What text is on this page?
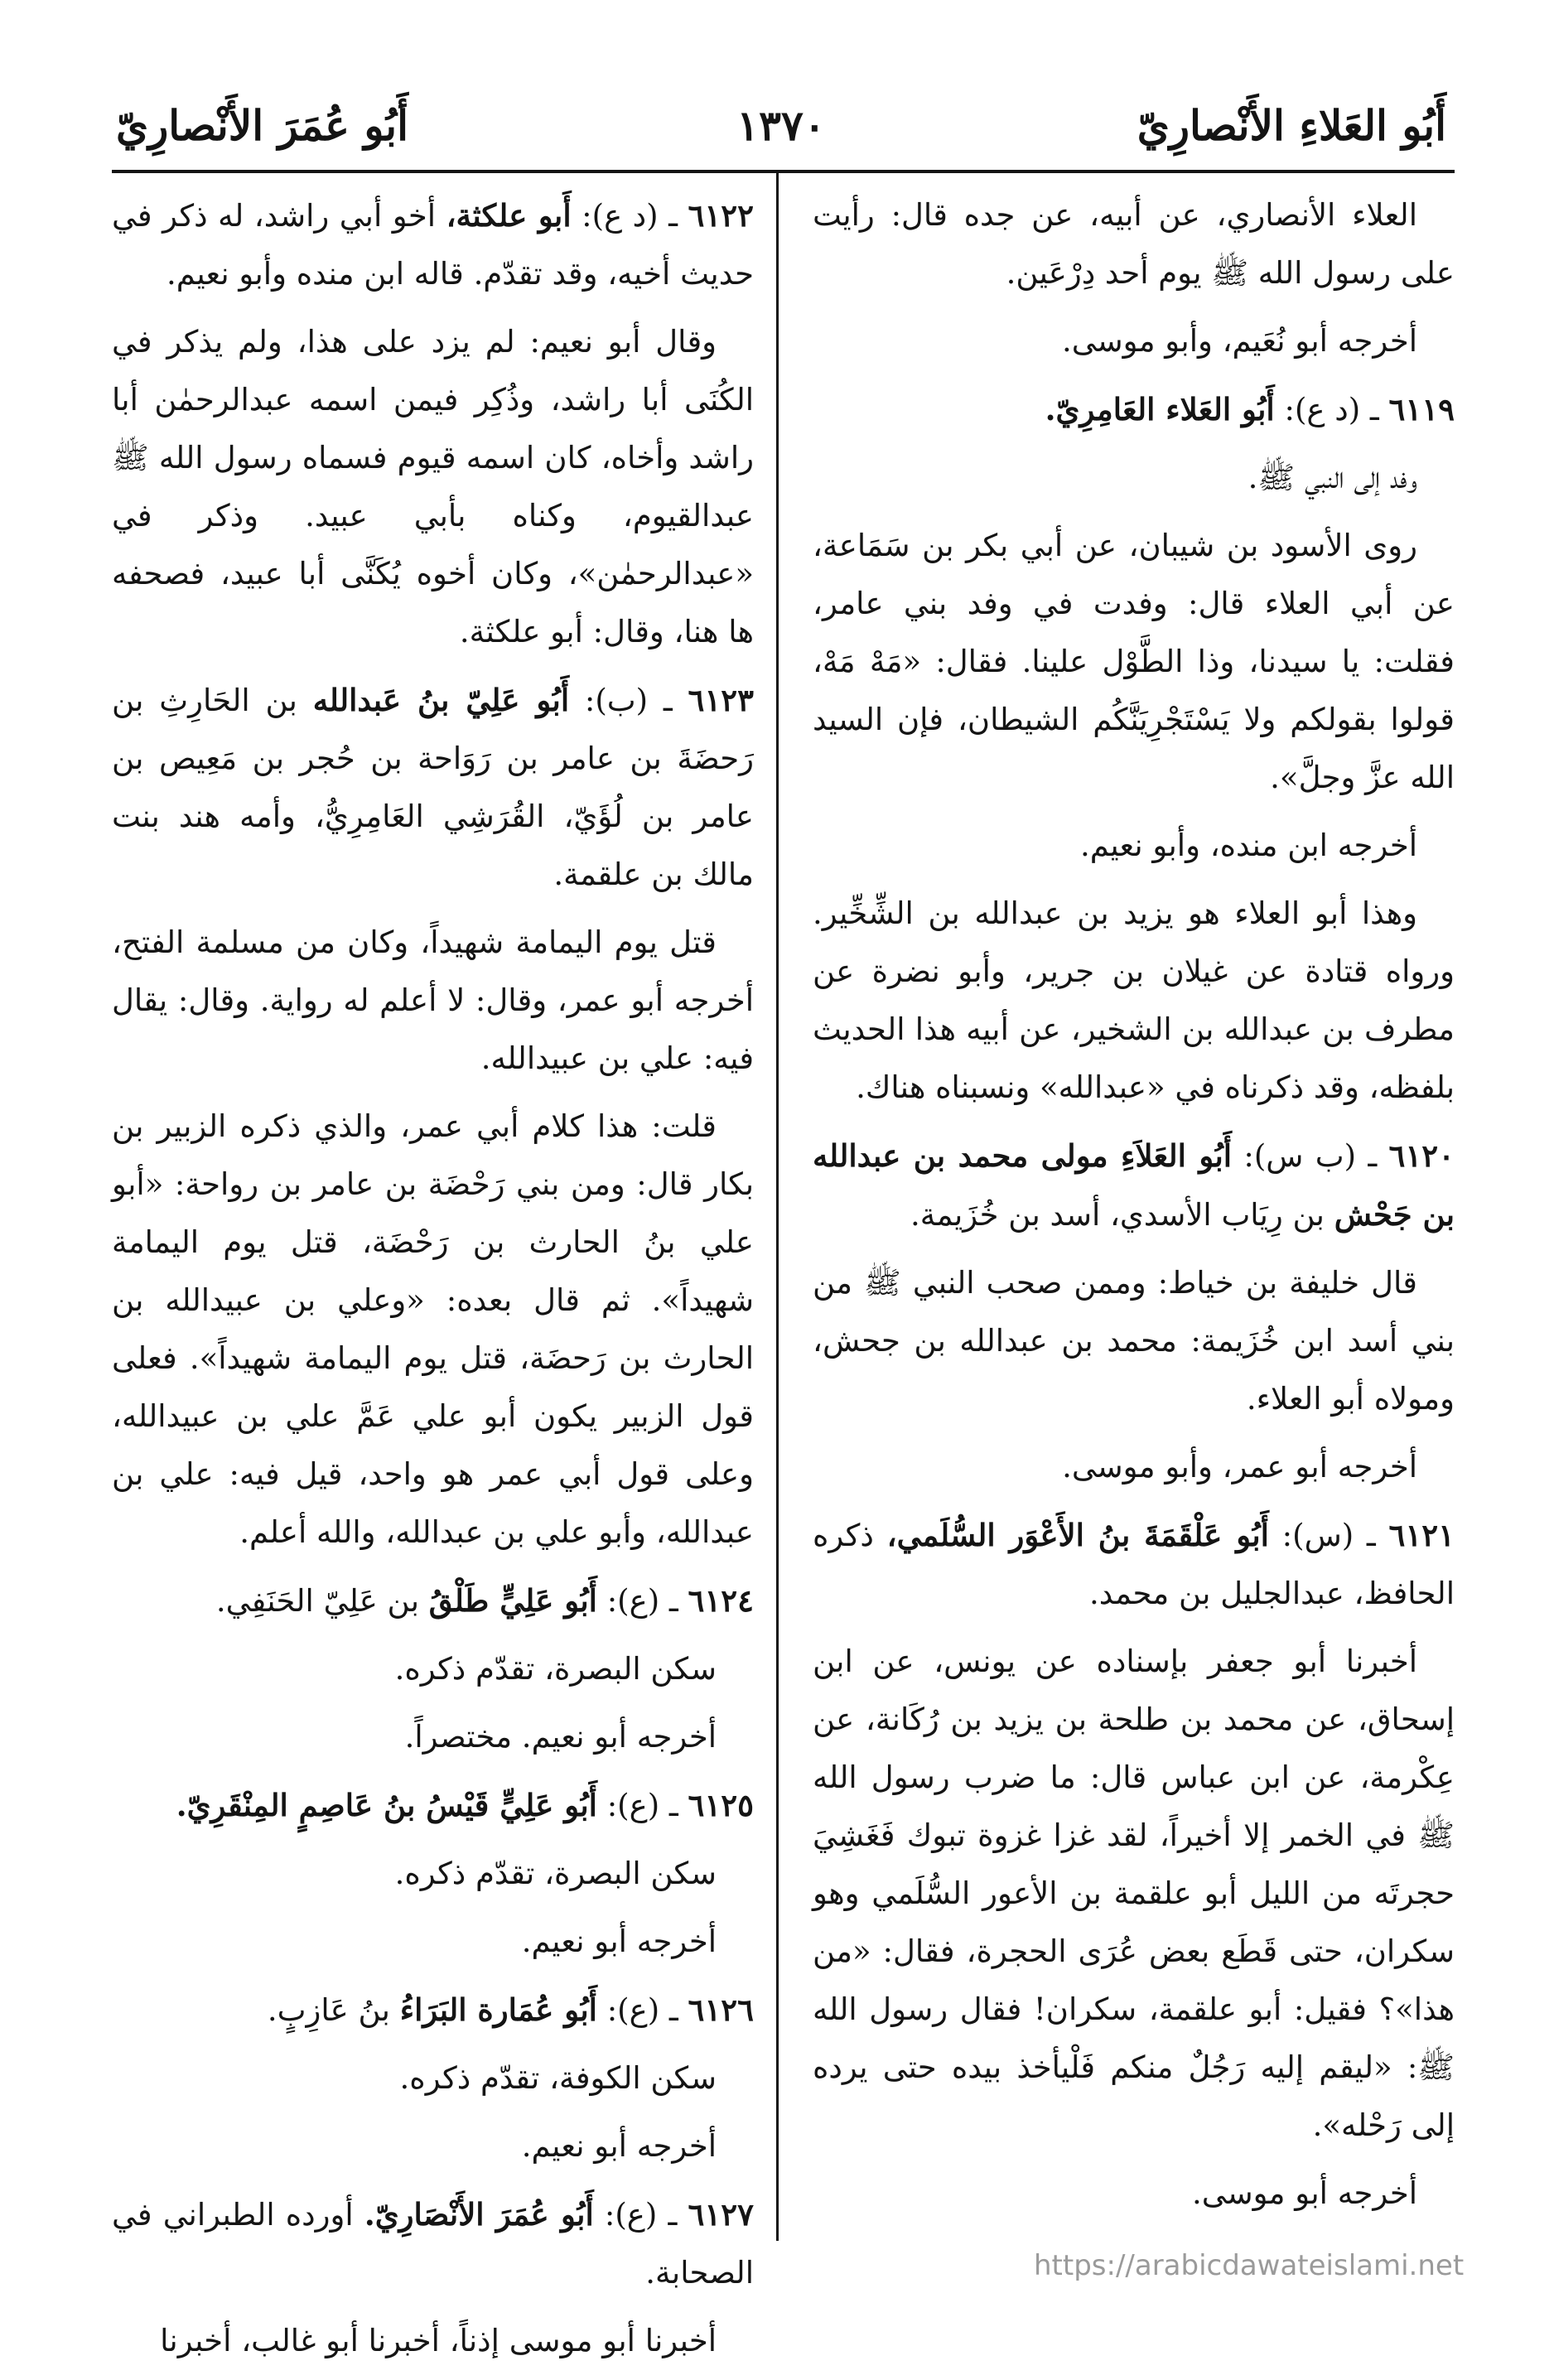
أَبُو العَلاءِ الأَنْصارِيّ
١٣٧٠
أَبُو عُمَرَ الأَنْصارِيّ

العلاء الأنصاري، عن أبيه، عن جده قال: رأيت على رسول الله ﷺ يوم أحد دِرْعَين.

أخرجه أبو نُعَيم، وأبو موسى.

٦١١٩ ـ (د ع): أَبُو العَلاء العَامِرِيّ.

وفد إلى النبي ﷺ.

روى الأسود بن شيبان، عن أبي بكر بن سَمَاعة، عن أبي العلاء قال: وفدت في وفد بني عامر، فقلت: يا سيدنا، وذا الطَّوْل علينا. فقال: «مَهْ مَهْ، قولوا بقولكم ولا يَسْتَجْرِيَنَّكُم الشيطان، فإن السيد الله عزَّ وجلَّ».

أخرجه ابن منده، وأبو نعيم.

وهذا أبو العلاء هو يزيد بن عبدالله بن الشِّخِّير. ورواه قتادة عن غيلان بن جرير، وأبو نضرة عن مطرف بن عبدالله بن الشخير، عن أبيه هذا الحديث بلفظه، وقد ذكرناه في «عبدالله» ونسبناه هناك.

٦١٢٠ ـ (ب س): أَبُو العَلاَءِ مولى محمد بن عبدالله بن جَحْش بن رِيَاب الأسدي، أسد بن خُزَيمة.

قال خليفة بن خياط: وممن صحب النبي ﷺ من بني أسد ابن خُزَيمة: محمد بن عبدالله بن جحش، ومولاه أبو العلاء.

أخرجه أبو عمر، وأبو موسى.

٦١٢١ ـ (س): أَبُو عَلْقَمَةَ بنُ الأَعْوَر السُّلَمي، ذكره الحافظ، عبدالجليل بن محمد.

أخبرنا أبو جعفر بإسناده عن يونس، عن ابن إسحاق، عن محمد بن طلحة بن يزيد بن رُكَانة، عن عِكْرمة، عن ابن عباس قال: ما ضرب رسول الله ﷺ في الخمر إلا أخيراً، لقد غزا غزوة تبوك فَغَشِيَ حجرتَه من الليل أبو علقمة بن الأعور السُّلَمي وهو سكران، حتى قَطَع بعض عُرَى الحجرة، فقال: «من هذا»؟ فقيل: أبو علقمة، سكران! فقال رسول الله ﷺ: «ليقم إليه رَجُلٌ منكم فَلْيأخذ بيده حتى يرده إلى رَحْله».

أخرجه أبو موسى.

٦١٢٢ ـ (د ع): أَبو علكثة، أخو أبي راشد، له ذكر في حديث أخيه، وقد تقدّم. قاله ابن منده وأبو نعيم.

وقال أبو نعيم: لم يزد على هذا، ولم يذكر في الكُنَى أبا راشد، وذُكِر فيمن اسمه عبدالرحمٰن أبا راشد وأخاه، كان اسمه قيوم فسماه رسول الله ﷺ عبدالقيوم، وكناه بأبي عبيد. وذكر في «عبدالرحمٰن»، وكان أخوه يُكَنَّى أبا عبيد، فصحفه ها هنا، وقال: أبو علكثة.

٦١٢٣ ـ (ب): أَبُو عَلِيّ بنُ عَبدالله بن الحَارِثِ بن رَحضَةَ بن عامر بن رَوَاحة بن حُجر بن مَعِيص بن عامر بن لُؤَيّ، القُرَشِي العَامِرِيُّ، وأمه هند بنت مالك بن علقمة.

قتل يوم اليمامة شهيداً، وكان من مسلمة الفتح، أخرجه أبو عمر، وقال: لا أعلم له رواية. وقال: يقال فيه: علي بن عبيدالله.

قلت: هذا كلام أبي عمر، والذي ذكره الزبير بن بكار قال: ومن بني رَحْضَة بن عامر بن رواحة: «أبو علي بنُ الحارث بن رَحْضَة، قتل يوم اليمامة شهيداً». ثم قال بعده: «وعلي بن عبيدالله بن الحارث بن رَحضَة، قتل يوم اليمامة شهيداً». فعلى قول الزبير يكون أبو علي عَمَّ علي بن عبيدالله، وعلى قول أبي عمر هو واحد، قيل فيه: علي بن عبدالله، وأبو علي بن عبدالله، والله أعلم.

٦١٢٤ ـ (ع): أَبُو عَلِيٍّ طَلْقُ بن عَلِيّ الحَنَفِي.

سكن البصرة، تقدّم ذكره.

أخرجه أبو نعيم. مختصراً.

٦١٢٥ ـ (ع): أَبُو عَلِيٍّ قَيْسُ بنُ عَاصِمٍ المِنْقَرِيّ.

سكن البصرة، تقدّم ذكره.

أخرجه أبو نعيم.

٦١٢٦ ـ (ع): أَبُو عُمَارة البَرَاءُ بنُ عَازِبٍ.

سكن الكوفة، تقدّم ذكره.

أخرجه أبو نعيم.

٦١٢٧ ـ (ع): أَبُو عُمَرَ الأَنْصَارِيّ. أورده الطبراني في الصحابة.

أخبرنا أبو موسى إذناً، أخبرنا أبو غالب، أخبرنا

https://arabicdawateislami.net
